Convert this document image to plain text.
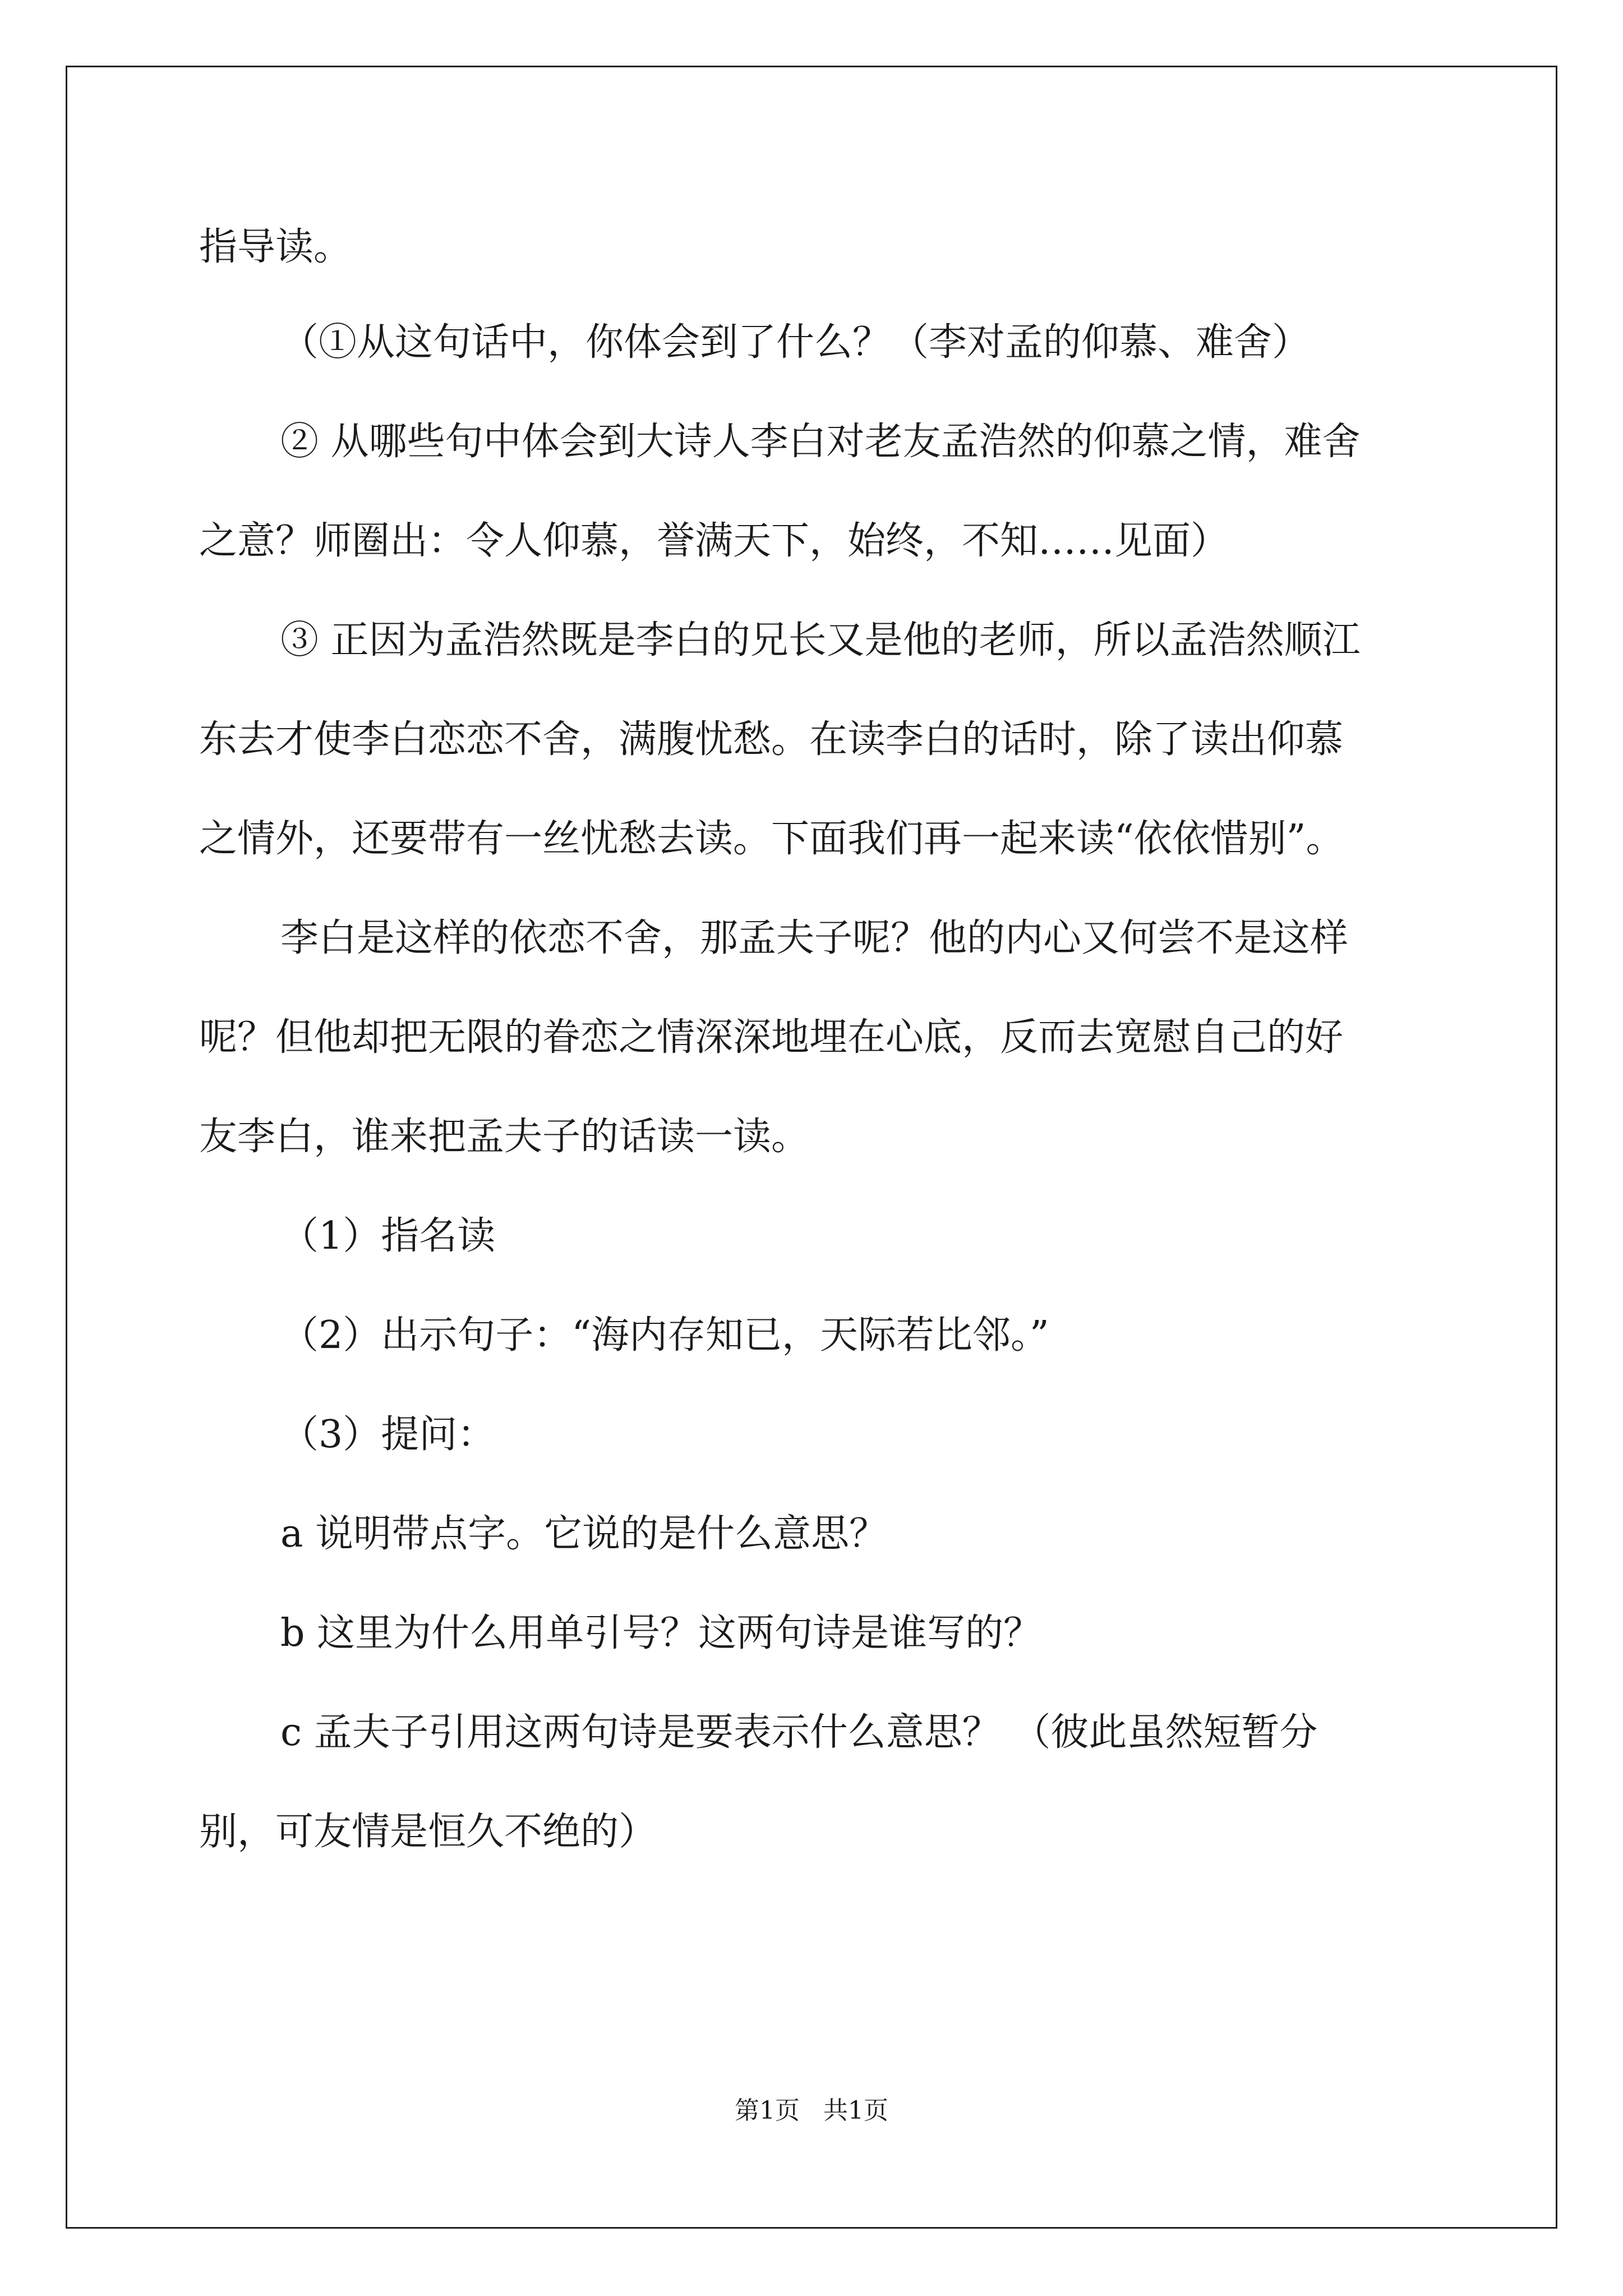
指导读。
（①从这句话中，你体会到了什么？（李对孟的仰慕、难舍）
② 从哪些句中体会到大诗人李白对老友孟浩然的仰慕之情，难舍
之意？师圈出：令人仰慕，誉满天下，始终，不知……见面）
③ 正因为孟浩然既是李白的兄长又是他的老师，所以孟浩然顺江
东去才使李白恋恋不舍，满腹忧愁。在读李白的话时，除了读出仰慕
之情外，还要带有一丝忧愁去读。下面我们再一起来读“依依惜别”。
李白是这样的依恋不舍，那孟夫子呢？他的内心又何尝不是这样
呢？但他却把无限的眷恋之情深深地埋在心底，反而去宽慰自己的好
友李白，谁来把孟夫子的话读一读。
（1）指名读
（2）出示句子：“海内存知已，天际若比邻。”
（3）提问：
a 说明带点字。它说的是什么意思？
b 这里为什么用单引号？这两句诗是谁写的？
c 孟夫子引用这两句诗是要表示什么意思？ （彼此虽然短暂分
别，可友情是恒久不绝的）
第1页 共1页
